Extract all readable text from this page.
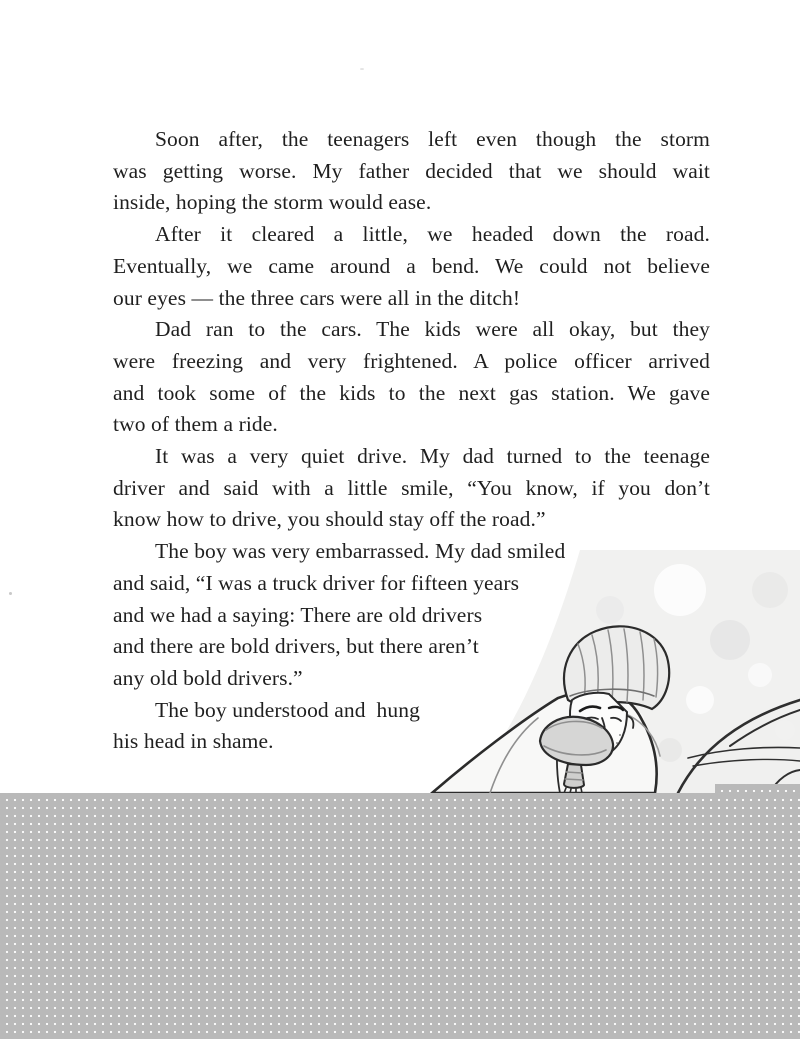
Soon after, the teenagers left even though the storm
was getting worse. My father decided that we should wait
inside, hoping the storm would ease.
After it cleared a little, we headed down the road.
Eventually, we came around a bend. We could not believe
our eyes — the three cars were all in the ditch!
Dad ran to the cars. The kids were all okay, but they
were freezing and very frightened. A police officer arrived
and took some of the kids to the next gas station. We gave
two of them a ride.
It was a very quiet drive. My dad turned to the teenage
driver and said with a little smile, “You know, if you don’t
know how to drive, you should stay off the road.”
The boy was very embarrassed. My dad smiled
and said, “I was a truck driver for fifteen years
and we had a saying: There are old drivers
and there are bold drivers, but there aren’t
any old bold drivers.”
The boy understood and  hung
his head in shame.
